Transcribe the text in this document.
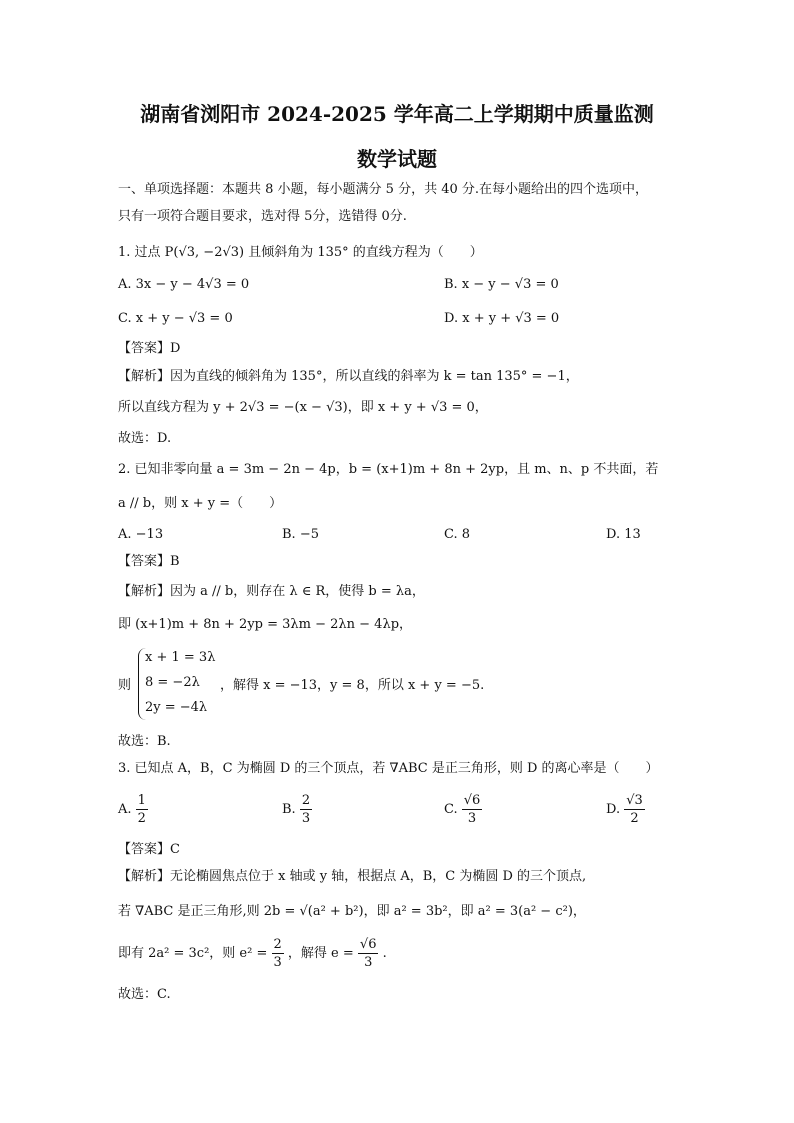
湖南省浏阳市 2024-2025 学年高二上学期期中质量监测
数学试题
一、单项选择题：本题共 8 小题，每小题满分 5 分，共 40 分.在每小题给出的四个选项中，
只有一项符合题目要求，选对得 5分，选错得 0分.
1. 过点 P(√3, −2√3) 且倾斜角为 135° 的直线方程为（　　）
A. 3x − y − 4√3 = 0	B. x − y − √3 = 0
C. x + y − √3 = 0	D. x + y + √3 = 0
【答案】D
【解析】因为直线的倾斜角为 135°，所以直线的斜率为 k = tan 135° = −1，
所以直线方程为 y + 2√3 = −(x − √3)，即 x + y + √3 = 0，
故选：D.
2. 已知非零向量 a = 3m − 2n − 4p，b = (x+1)m + 8n + 2yp，且 m、n、p 不共面，若
a // b，则 x + y =（　　）
A. −13	B. −5	C. 8	D. 13
【答案】B
【解析】因为 a // b，则存在 λ ∈ R，使得 b = λa，
即 (x+1)m + 8n + 2yp = 3λm − 2λn − 4λp，
则
x + 1 = 3λ
8 = −2λ
2y = −4λ
，解得 x = −13，y = 8，所以 x + y = −5.
故选：B.
3. 已知点 A，B，C 为椭圆 D 的三个顶点，若 ∇ABC 是正三角形，则 D 的离心率是（　　）
A. $\frac{1}{2}$	B. $\frac{2}{3}$	C. $\frac{√6}{3}$	D. $\frac{√3}{2}$
【答案】C
【解析】无论椭圆焦点位于 x 轴或 y 轴，根据点 A，B，C 为椭圆 D 的三个顶点,
若 ∇ABC 是正三角形,则 2b = √(a² + b²)，即 a² = 3b²，即 a² = 3(a² − c²)，
即有 2a² = 3c²，则 $e^2 = \frac{2}{3}$ ，解得 $e = \frac{√6}{3}$ .
故选：C.
